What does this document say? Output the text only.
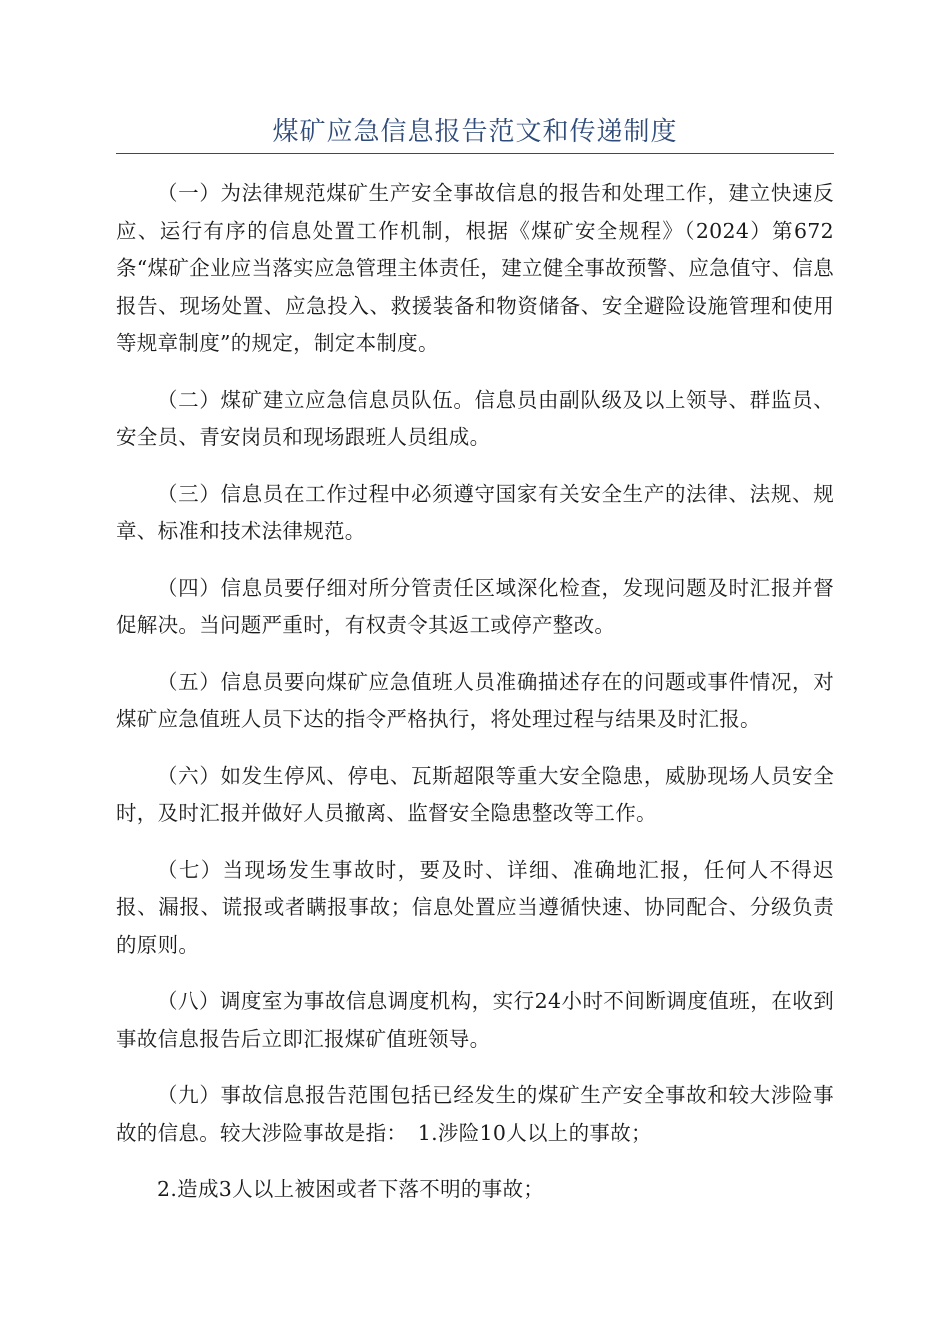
煤矿应急信息报告范文和传递制度

（一）为法律规范煤矿生产安全事故信息的报告和处理工作，建立快速反应、运行有序的信息处置工作机制，根据《煤矿安全规程》（2024）第672条“煤矿企业应当落实应急管理主体责任，建立健全事故预警、应急值守、信息报告、现场处置、应急投入、救援装备和物资储备、安全避险设施管理和使用等规章制度”的规定，制定本制度。

（二）煤矿建立应急信息员队伍。信息员由副队级及以上领导、群监员、安全员、青安岗员和现场跟班人员组成。

（三）信息员在工作过程中必须遵守国家有关安全生产的法律、法规、规章、标准和技术法律规范。

（四）信息员要仔细对所分管责任区域深化检查，发现问题及时汇报并督促解决。当问题严重时，有权责令其返工或停产整改。

（五）信息员要向煤矿应急值班人员准确描述存在的问题或事件情况，对煤矿应急值班人员下达的指令严格执行，将处理过程与结果及时汇报。

（六）如发生停风、停电、瓦斯超限等重大安全隐患，威胁现场人员安全时，及时汇报并做好人员撤离、监督安全隐患整改等工作。

（七）当现场发生事故时，要及时、详细、准确地汇报，任何人不得迟报、漏报、谎报或者瞒报事故；信息处置应当遵循快速、协同配合、分级负责的原则。

（八）调度室为事故信息调度机构，实行24小时不间断调度值班，在收到事故信息报告后立即汇报煤矿值班领导。

（九）事故信息报告范围包括已经发生的煤矿生产安全事故和较大涉险事故的信息。较大涉险事故是指：　1.涉险10人以上的事故；

2.造成3人以上被困或者下落不明的事故；
